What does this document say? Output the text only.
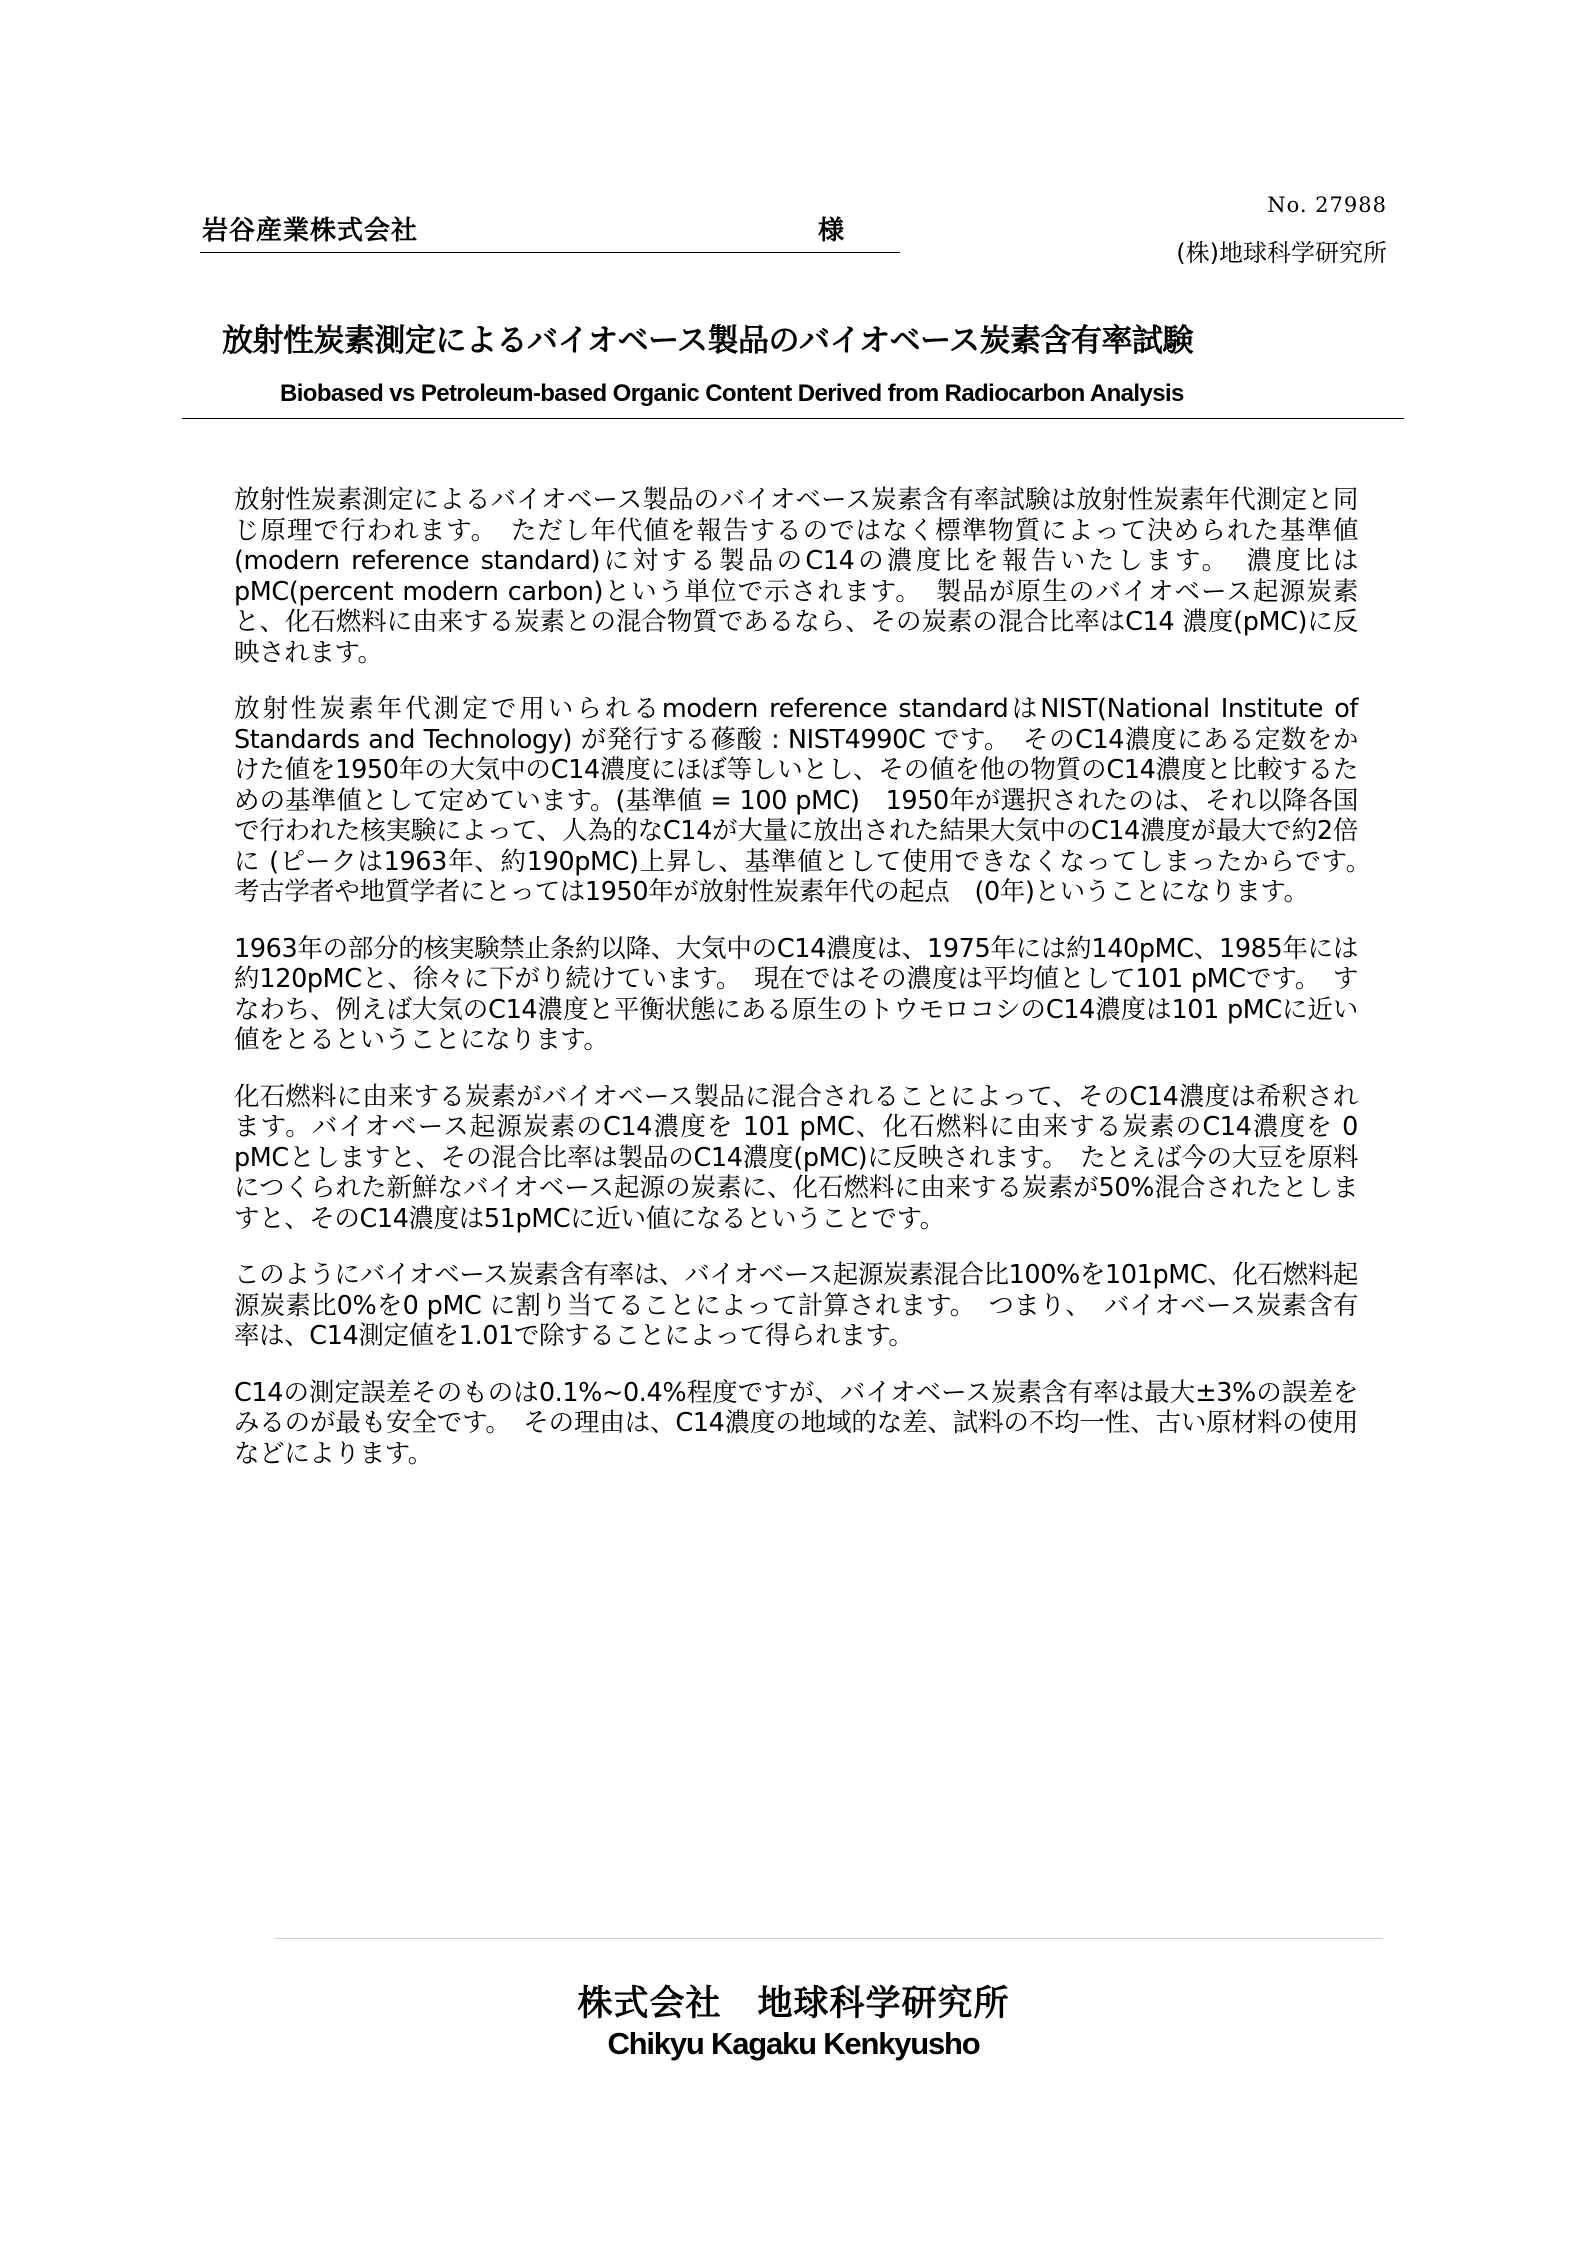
岩谷産業株式会社	様
No. 27988
(株)地球科学研究所
放射性炭素測定によるバイオベース製品のバイオベース炭素含有率試験
Biobased vs Petroleum-based Organic Content Derived from Radiocarbon Analysis

放射性炭素測定によるバイオベース製品のバイオベース炭素含有率試験は放射性炭素年代測定と同じ原理で行われます。　ただし年代値を報告するのではなく標準物質によって決められた基準値 (modern reference standard)に対する製品のC14の濃度比を報告いたします。　濃度比はpMC(percent modern carbon)という単位で示されます。　製品が原生のバイオベース起源炭素と、化石燃料に由来する炭素との混合物質であるなら、その炭素の混合比率はC14 濃度(pMC)に反映されます。

放射性炭素年代測定で用いられるmodern reference standardはNIST(National Institute of Standards and Technology) が発行する蓚酸 : NIST4990C です。　そのC14濃度にある定数をかけた値を1950年の大気中のC14濃度にほぼ等しいとし、その値を他の物質のC14濃度と比較するための基準値として定めています。(基準値 = 100 pMC)　1950年が選択されたのは、それ以降各国で行われた核実験によって、人為的なC14が大量に放出された結果大気中のC14濃度が最大で約2倍に (ピークは1963年、約190pMC)上昇し、基準値として使用できなくなってしまったからです。　考古学者や地質学者にとっては1950年が放射性炭素年代の起点　(0年)ということになります。

1963年の部分的核実験禁止条約以降、大気中のC14濃度は、1975年には約140pMC、1985年には約120pMCと、徐々に下がり続けています。　現在ではその濃度は平均値として101 pMCです。　すなわち、例えば大気のC14濃度と平衡状態にある原生のトウモロコシのC14濃度は101 pMCに近い値をとるということになります。

化石燃料に由来する炭素がバイオベース製品に混合されることによって、そのC14濃度は希釈されます。バイオベース起源炭素のC14濃度を 101 pMC、化石燃料に由来する炭素のC14濃度を 0 pMCとしますと、その混合比率は製品のC14濃度(pMC)に反映されます。　たとえば今の大豆を原料につくられた新鮮なバイオベース起源の炭素に、化石燃料に由来する炭素が50%混合されたとしますと、そのC14濃度は51pMCに近い値になるということです。

このようにバイオベース炭素含有率は、バイオベース起源炭素混合比100%を101pMC、化石燃料起源炭素比0%を0 pMC に割り当てることによって計算されます。　つまり、　バイオベース炭素含有率は、C14測定値を1.01で除することによって得られます。

C14の測定誤差そのものは0.1%~0.4%程度ですが、バイオベース炭素含有率は最大±3%の誤差をみるのが最も安全です。　その理由は、C14濃度の地域的な差、試料の不均一性、古い原材料の使用などによります。

株式会社　地球科学研究所
Chikyu Kagaku Kenkyusho
